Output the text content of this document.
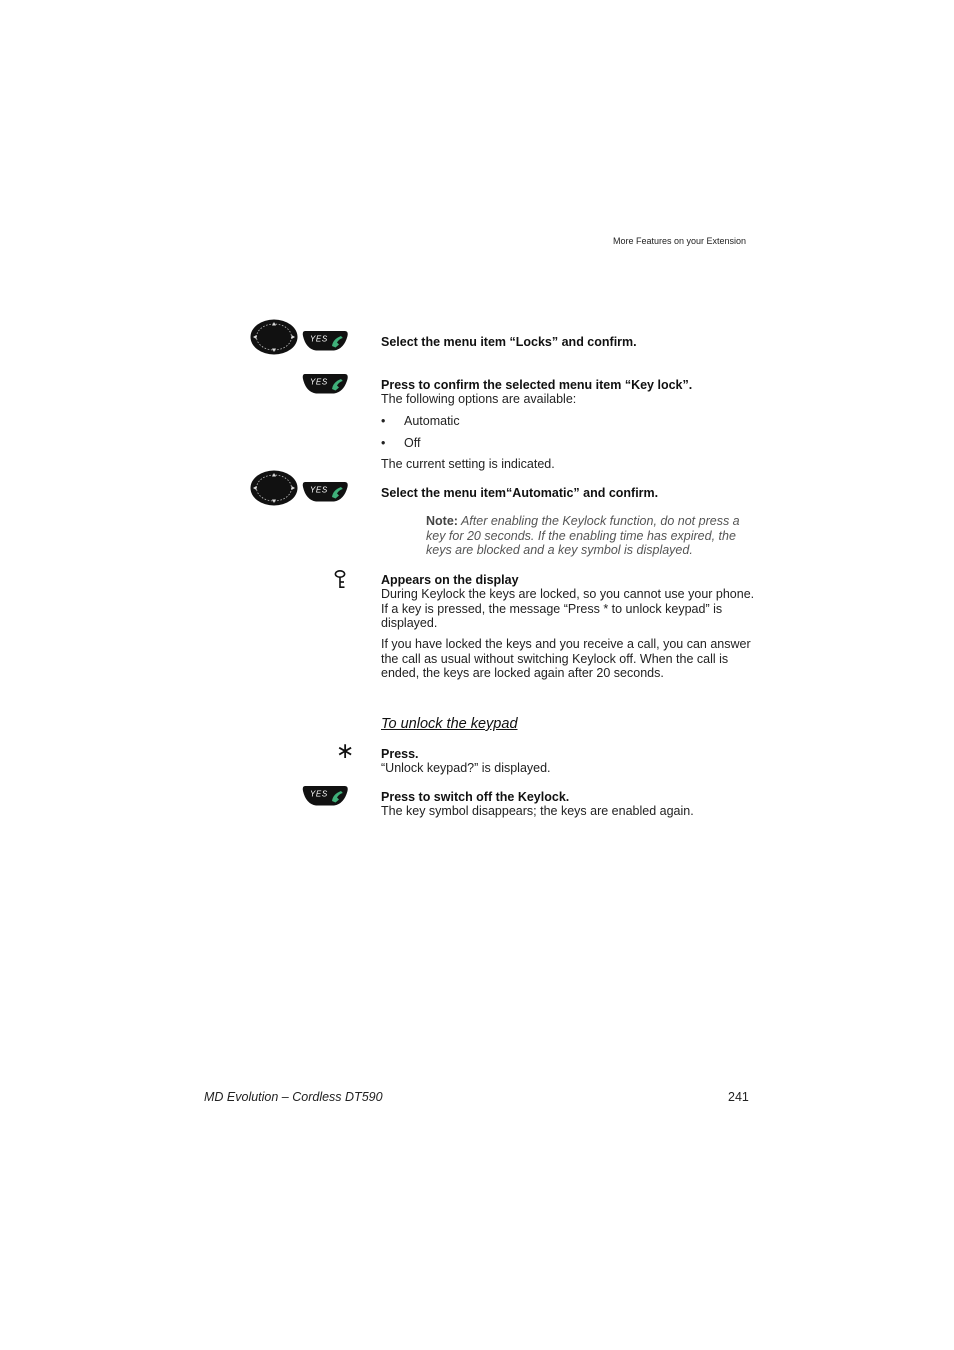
More Features on your Extension
Select the menu item “Locks” and confirm.
Press to confirm the selected menu item “Key lock”.
The following options are available:
• Automatic
• Off
The current setting is indicated.
Select the menu item“Automatic” and confirm.
Note: After enabling the Keylock function, do not press a key for 20 seconds. If the enabling time has expired, the keys are blocked and a key symbol is displayed.
Appears on the display
During Keylock the keys are locked, so you cannot use your phone.
If a key is pressed, the message “Press * to unlock keypad” is
displayed.
If you have locked the keys and you receive a call, you can answer
the call as usual without switching Keylock off. When the call is
ended, the keys are locked again after 20 seconds.
To unlock the keypad
∗ Press.
“Unlock keypad?” is displayed.
Press to switch off the Keylock.
The key symbol disappears; the keys are enabled again.
MD Evolution – Cordless DT590	241
